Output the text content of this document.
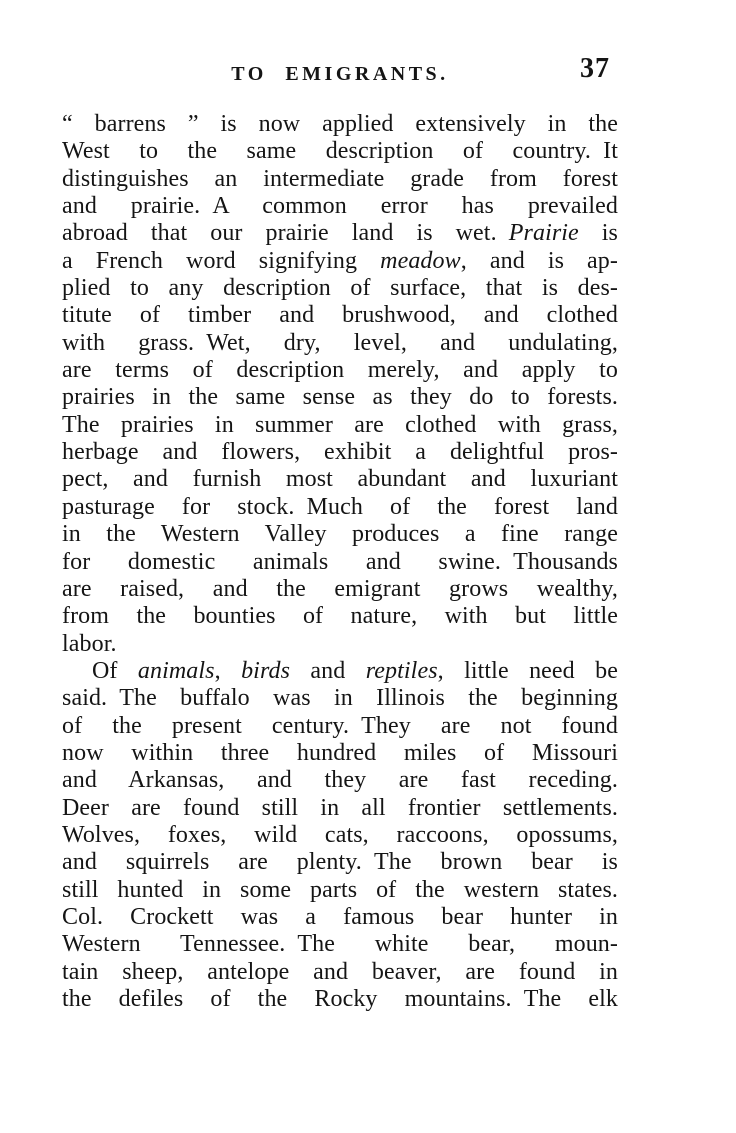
TO EMIGRANTS.	37
“ barrens ” is now applied extensively in the
West to the same description of country. It
distinguishes an intermediate grade from forest
and prairie. A common error has prevailed
abroad that our prairie land is wet. Prairie is
a French word signifying meadow, and is ap-
plied to any description of surface, that is des-
titute of timber and brushwood, and clothed
with grass. Wet, dry, level, and undulating,
are terms of description merely, and apply to
prairies in the same sense as they do to forests.
The prairies in summer are clothed with grass,
herbage and flowers, exhibit a delightful pros-
pect, and furnish most abundant and luxuriant
pasturage for stock. Much of the forest land
in the Western Valley produces a fine range
for domestic animals and swine. Thousands
are raised, and the emigrant grows wealthy,
from the bounties of nature, with but little
labor.
Of animals, birds and reptiles, little need be
said. The buffalo was in Illinois the beginning
of the present century. They are not found
now within three hundred miles of Missouri
and Arkansas, and they are fast receding.
Deer are found still in all frontier settlements.
Wolves, foxes, wild cats, raccoons, opossums,
and squirrels are plenty. The brown bear is
still hunted in some parts of the western states.
Col. Crockett was a famous bear hunter in
Western Tennessee. The white bear, moun-
tain sheep, antelope and beaver, are found in
the defiles of the Rocky mountains. The elk
